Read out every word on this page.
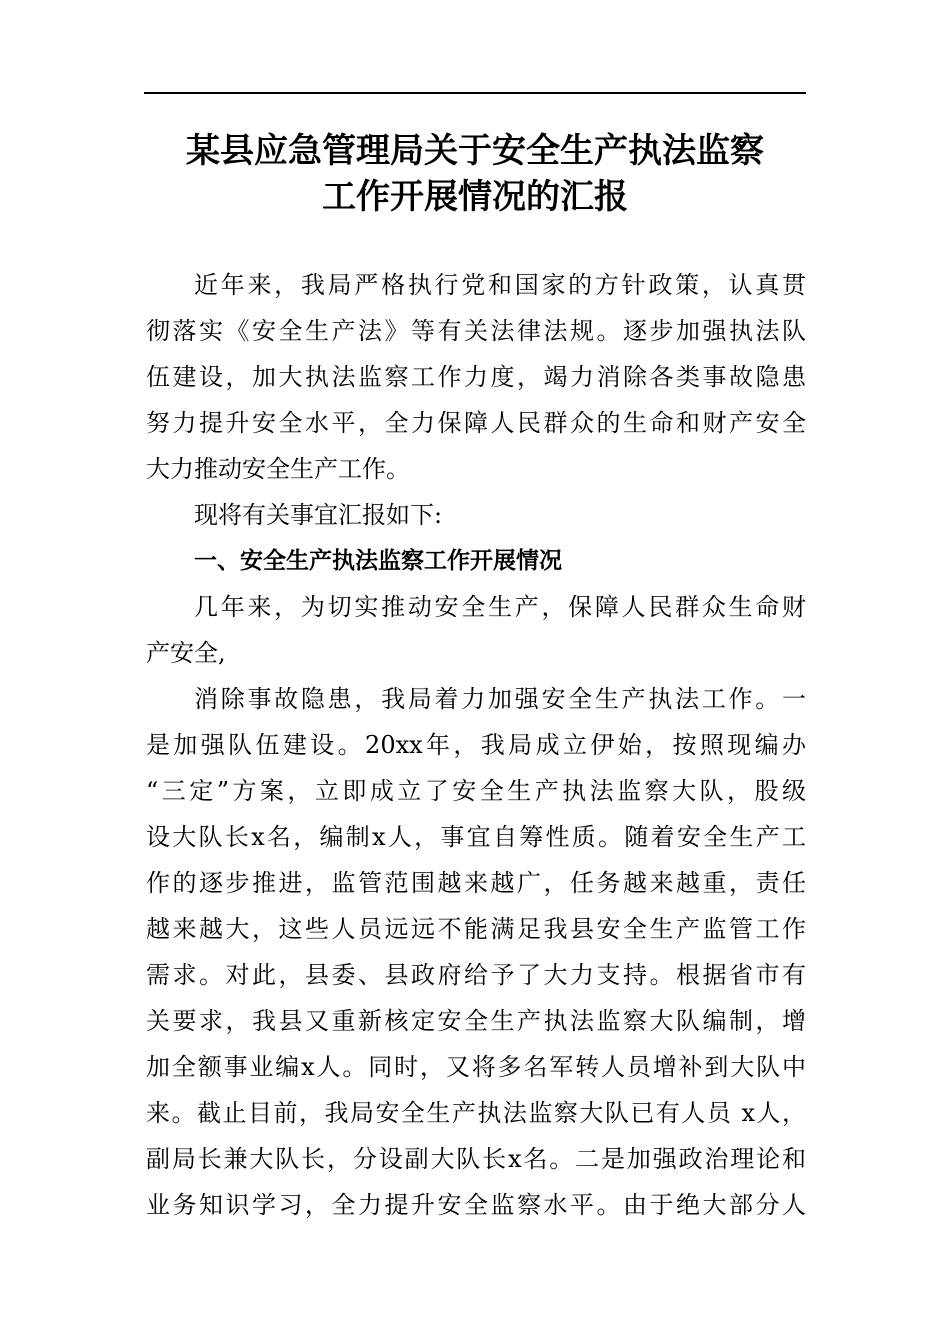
某县应急管理局关于安全生产执法监察
工作开展情况的汇报
近年来，我局严格执行党和国家的方针政策，认真贯
彻落实《安全生产法》等有关法律法规。逐步加强执法队
伍建设，加大执法监察工作力度，竭力消除各类事故隐患
努力提升安全水平，全力保障人民群众的生命和财产安全
大力推动安全生产工作。
现将有关事宜汇报如下:
一、安全生产执法监察工作开展情况
几年来，为切实推动安全生产，保障人民群众生命财
产安全,
消除事故隐患，我局着力加强安全生产执法工作。一
是加强队伍建设。20xx年，我局成立伊始，按照现编办
“三定”方案，立即成立了安全生产执法监察大队，股级
设大队长x名，编制x人，事宜自筹性质。随着安全生产工
作的逐步推进，监管范围越来越广，任务越来越重，责任
越来越大，这些人员远远不能满足我县安全生产监管工作
需求。对此，县委、县政府给予了大力支持。根据省市有
关要求，我县又重新核定安全生产执法监察大队编制，增
加全额事业编x人。同时，又将多名军转人员增补到大队中
来。截止目前，我局安全生产执法监察大队已有人员 x人，
副局长兼大队长，分设副大队长x名。二是加强政治理论和
业务知识学习，全力提升安全监察水平。由于绝大部分人
